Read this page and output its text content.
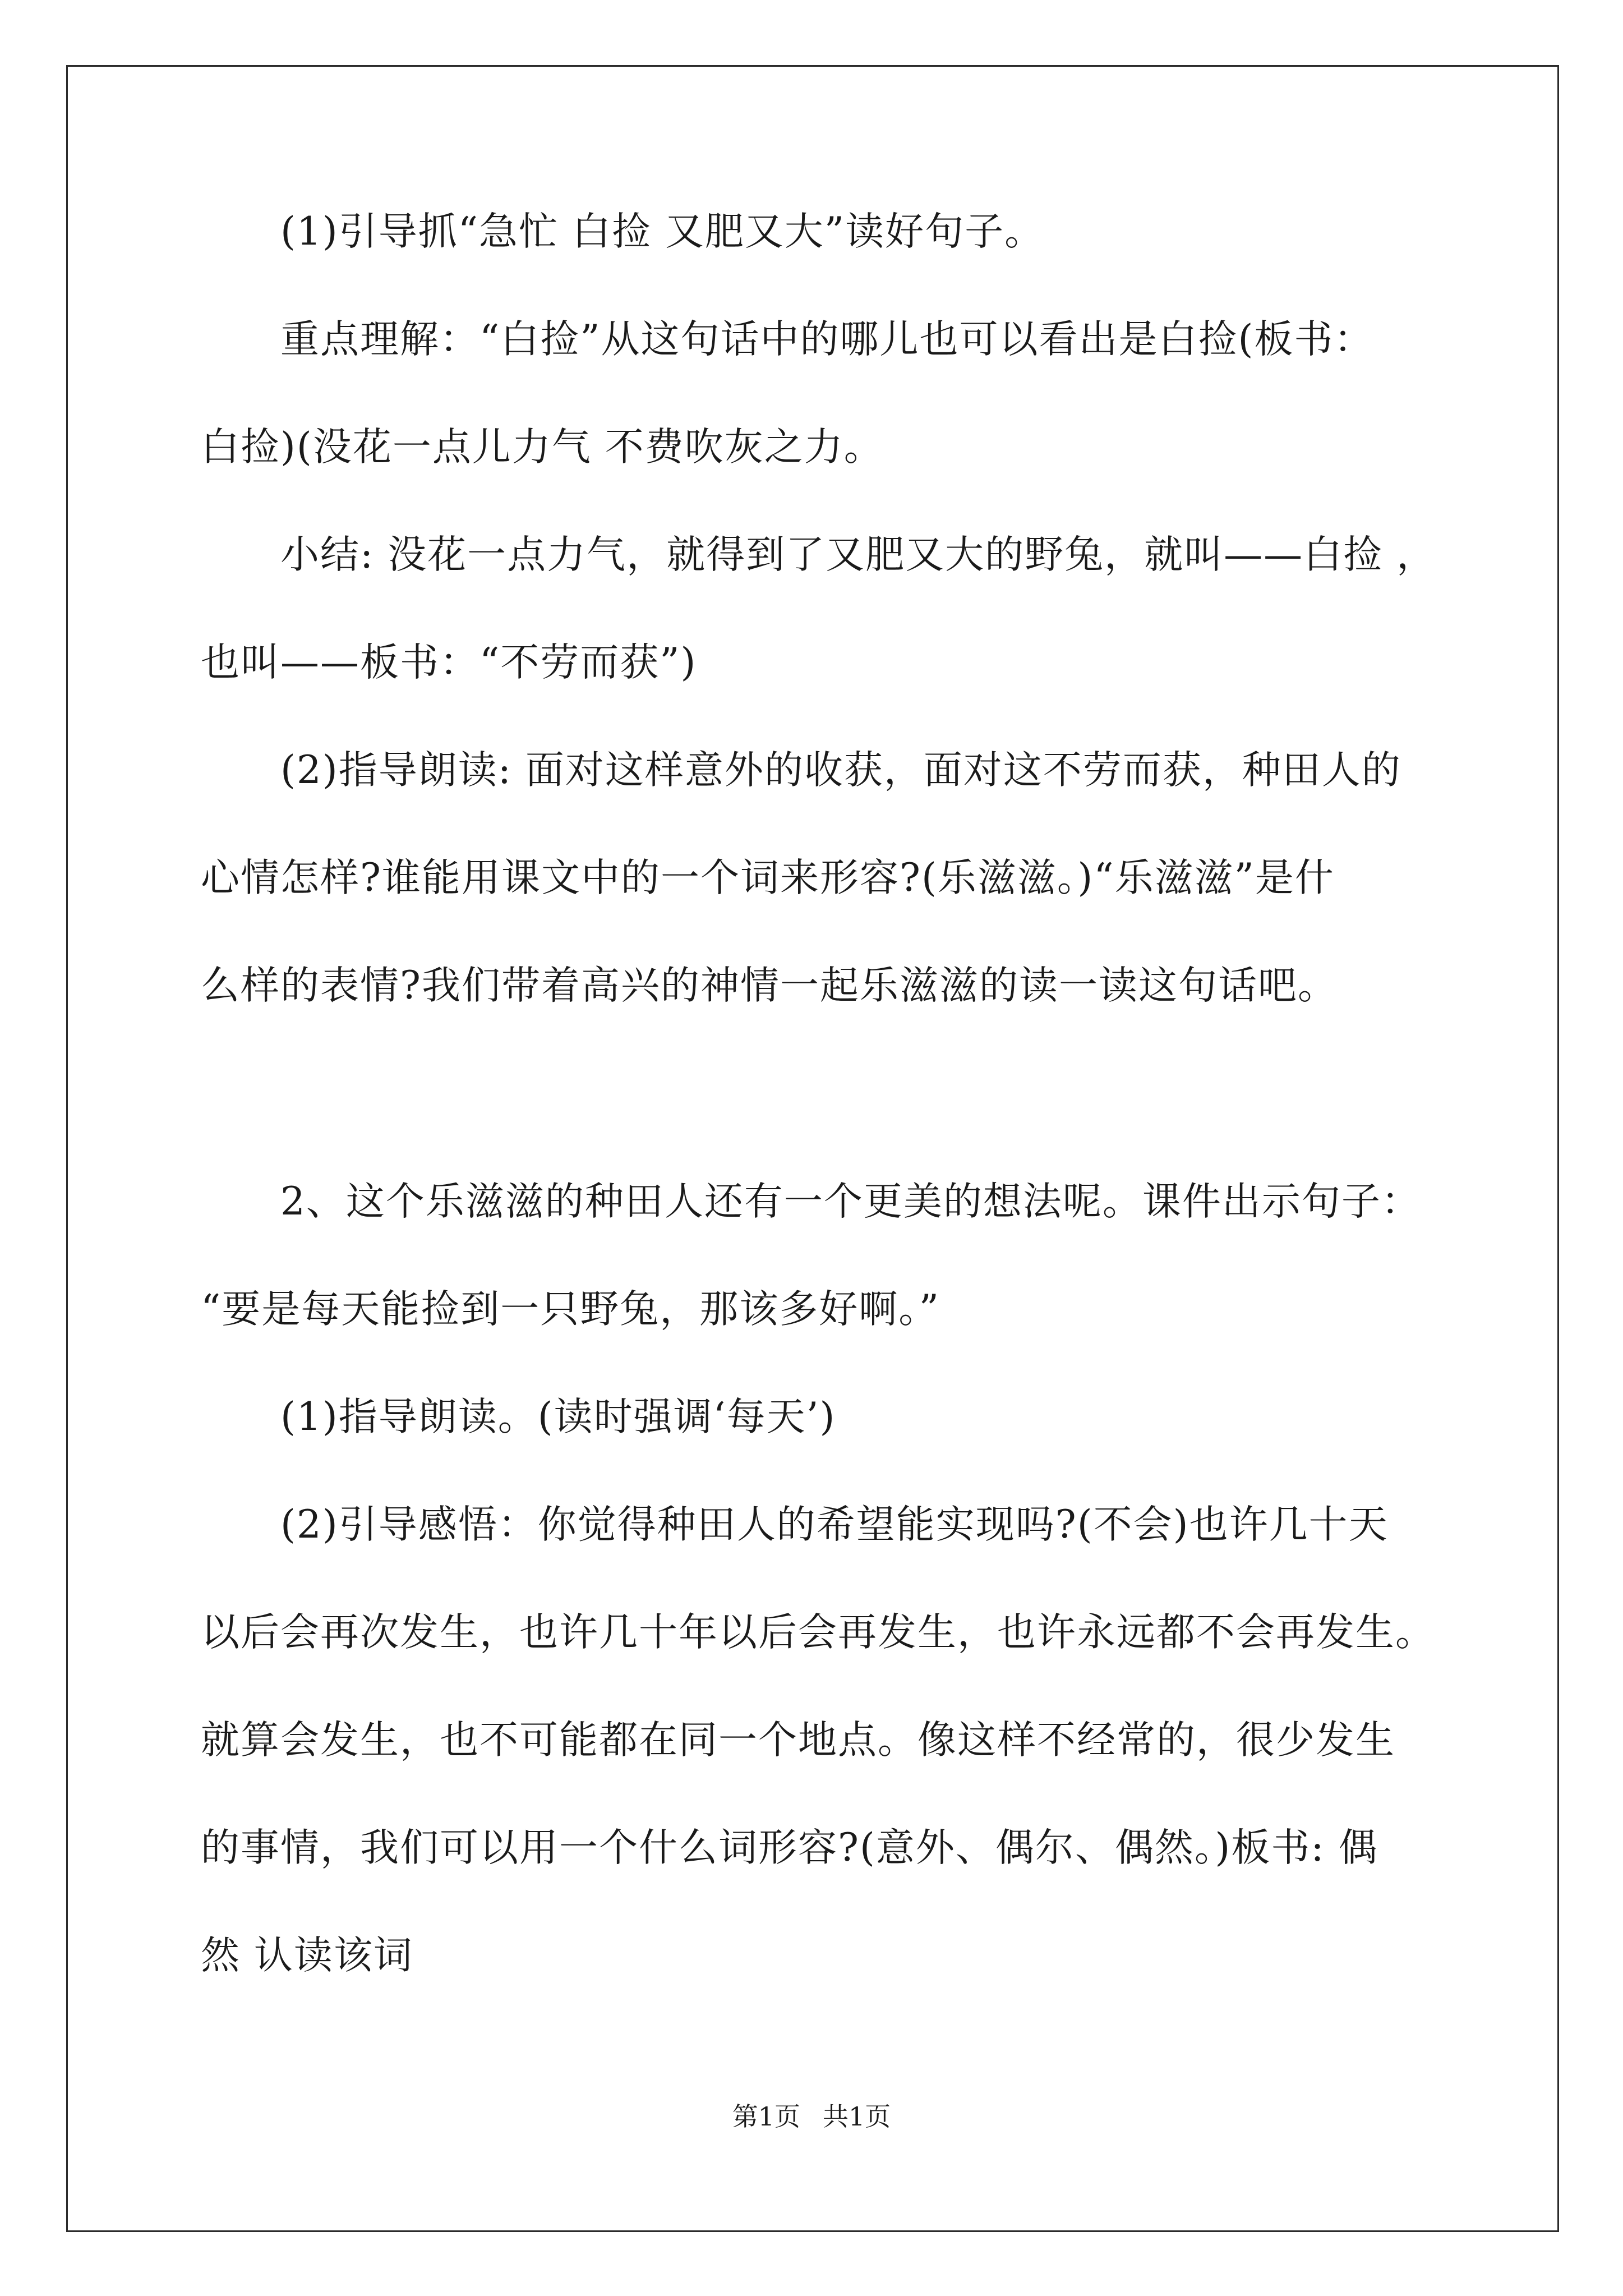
(1)引导抓“急忙 白捡 又肥又大”读好句子。
重点理解：“白捡”从这句话中的哪儿也可以看出是白捡(板书：
白捡)(没花一点儿力气 不费吹灰之力。
小结: 没花一点力气，就得到了又肥又大的野兔，就叫——白捡 ，
也叫——板书：“不劳而获”)
(2)指导朗读: 面对这样意外的收获，面对这不劳而获，种田人的
心情怎样?谁能用课文中的一个词来形容?(乐滋滋。)“乐滋滋”是什
么样的表情?我们带着高兴的神情一起乐滋滋的读一读这句话吧。
2、这个乐滋滋的种田人还有一个更美的想法呢。课件出示句子：
“要是每天能捡到一只野兔，那该多好啊。”
(1)指导朗读。(读时强调‘每天’)
(2)引导感悟：你觉得种田人的希望能实现吗?(不会)也许几十天
以后会再次发生，也许几十年以后会再发生，也许永远都不会再发生。
就算会发生，也不可能都在同一个地点。像这样不经常的，很少发生
的事情，我们可以用一个什么词形容?(意外、偶尔、偶然。)板书: 偶
然 认读该词
第1页 共1页
